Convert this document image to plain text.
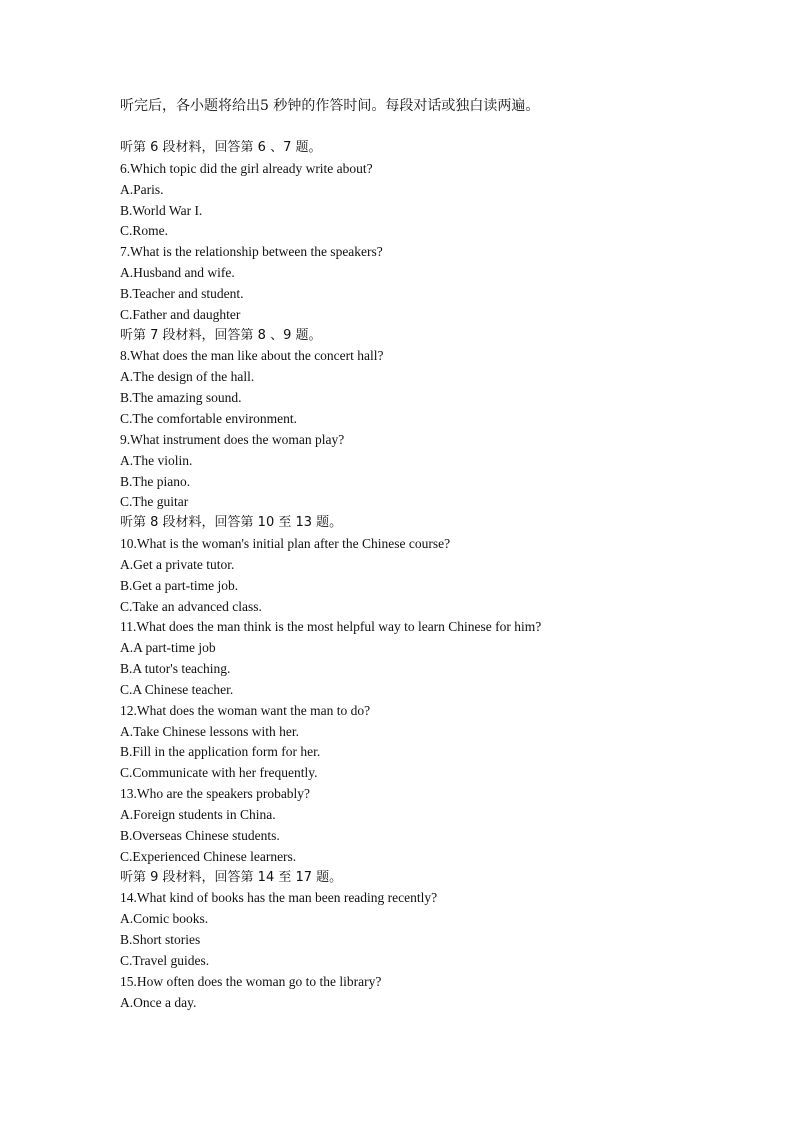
听完后，各小题将给出5 秒钟的作答时间。每段对话或独白读两遍。
听第 6 段材料，回答第 6 、7 题。
6.Which topic did the girl already write about?
A.Paris.
B.World War I.
C.Rome.
7.What is the relationship between the speakers?
A.Husband and wife.
B.Teacher and student.
C.Father and daughter
听第 7 段材料，回答第 8 、9 题。
8.What does the man like about the concert hall?
A.The design of the hall.
B.The amazing sound.
C.The comfortable environment.
9.What instrument does the woman play?
A.The violin.
B.The piano.
C.The guitar
听第 8 段材料，回答第 10 至 13 题。
10.What is the woman's initial plan after the Chinese course?
A.Get a private tutor.
B.Get a part-time job.
C.Take an advanced class.
11.What does the man think is the most helpful way to learn Chinese for him?
A.A part-time job
B.A tutor's teaching.
C.A Chinese teacher.
12.What does the woman want the man to do?
A.Take Chinese lessons with her.
B.Fill in the application form for her.
C.Communicate with her frequently.
13.Who are the speakers probably?
A.Foreign students in China.
B.Overseas Chinese students.
C.Experienced Chinese learners.
听第 9 段材料，回答第 14 至 17 题。
14.What kind of books has the man been reading recently?
A.Comic books.
B.Short stories
C.Travel guides.
15.How often does the woman go to the library?
A.Once a day.
